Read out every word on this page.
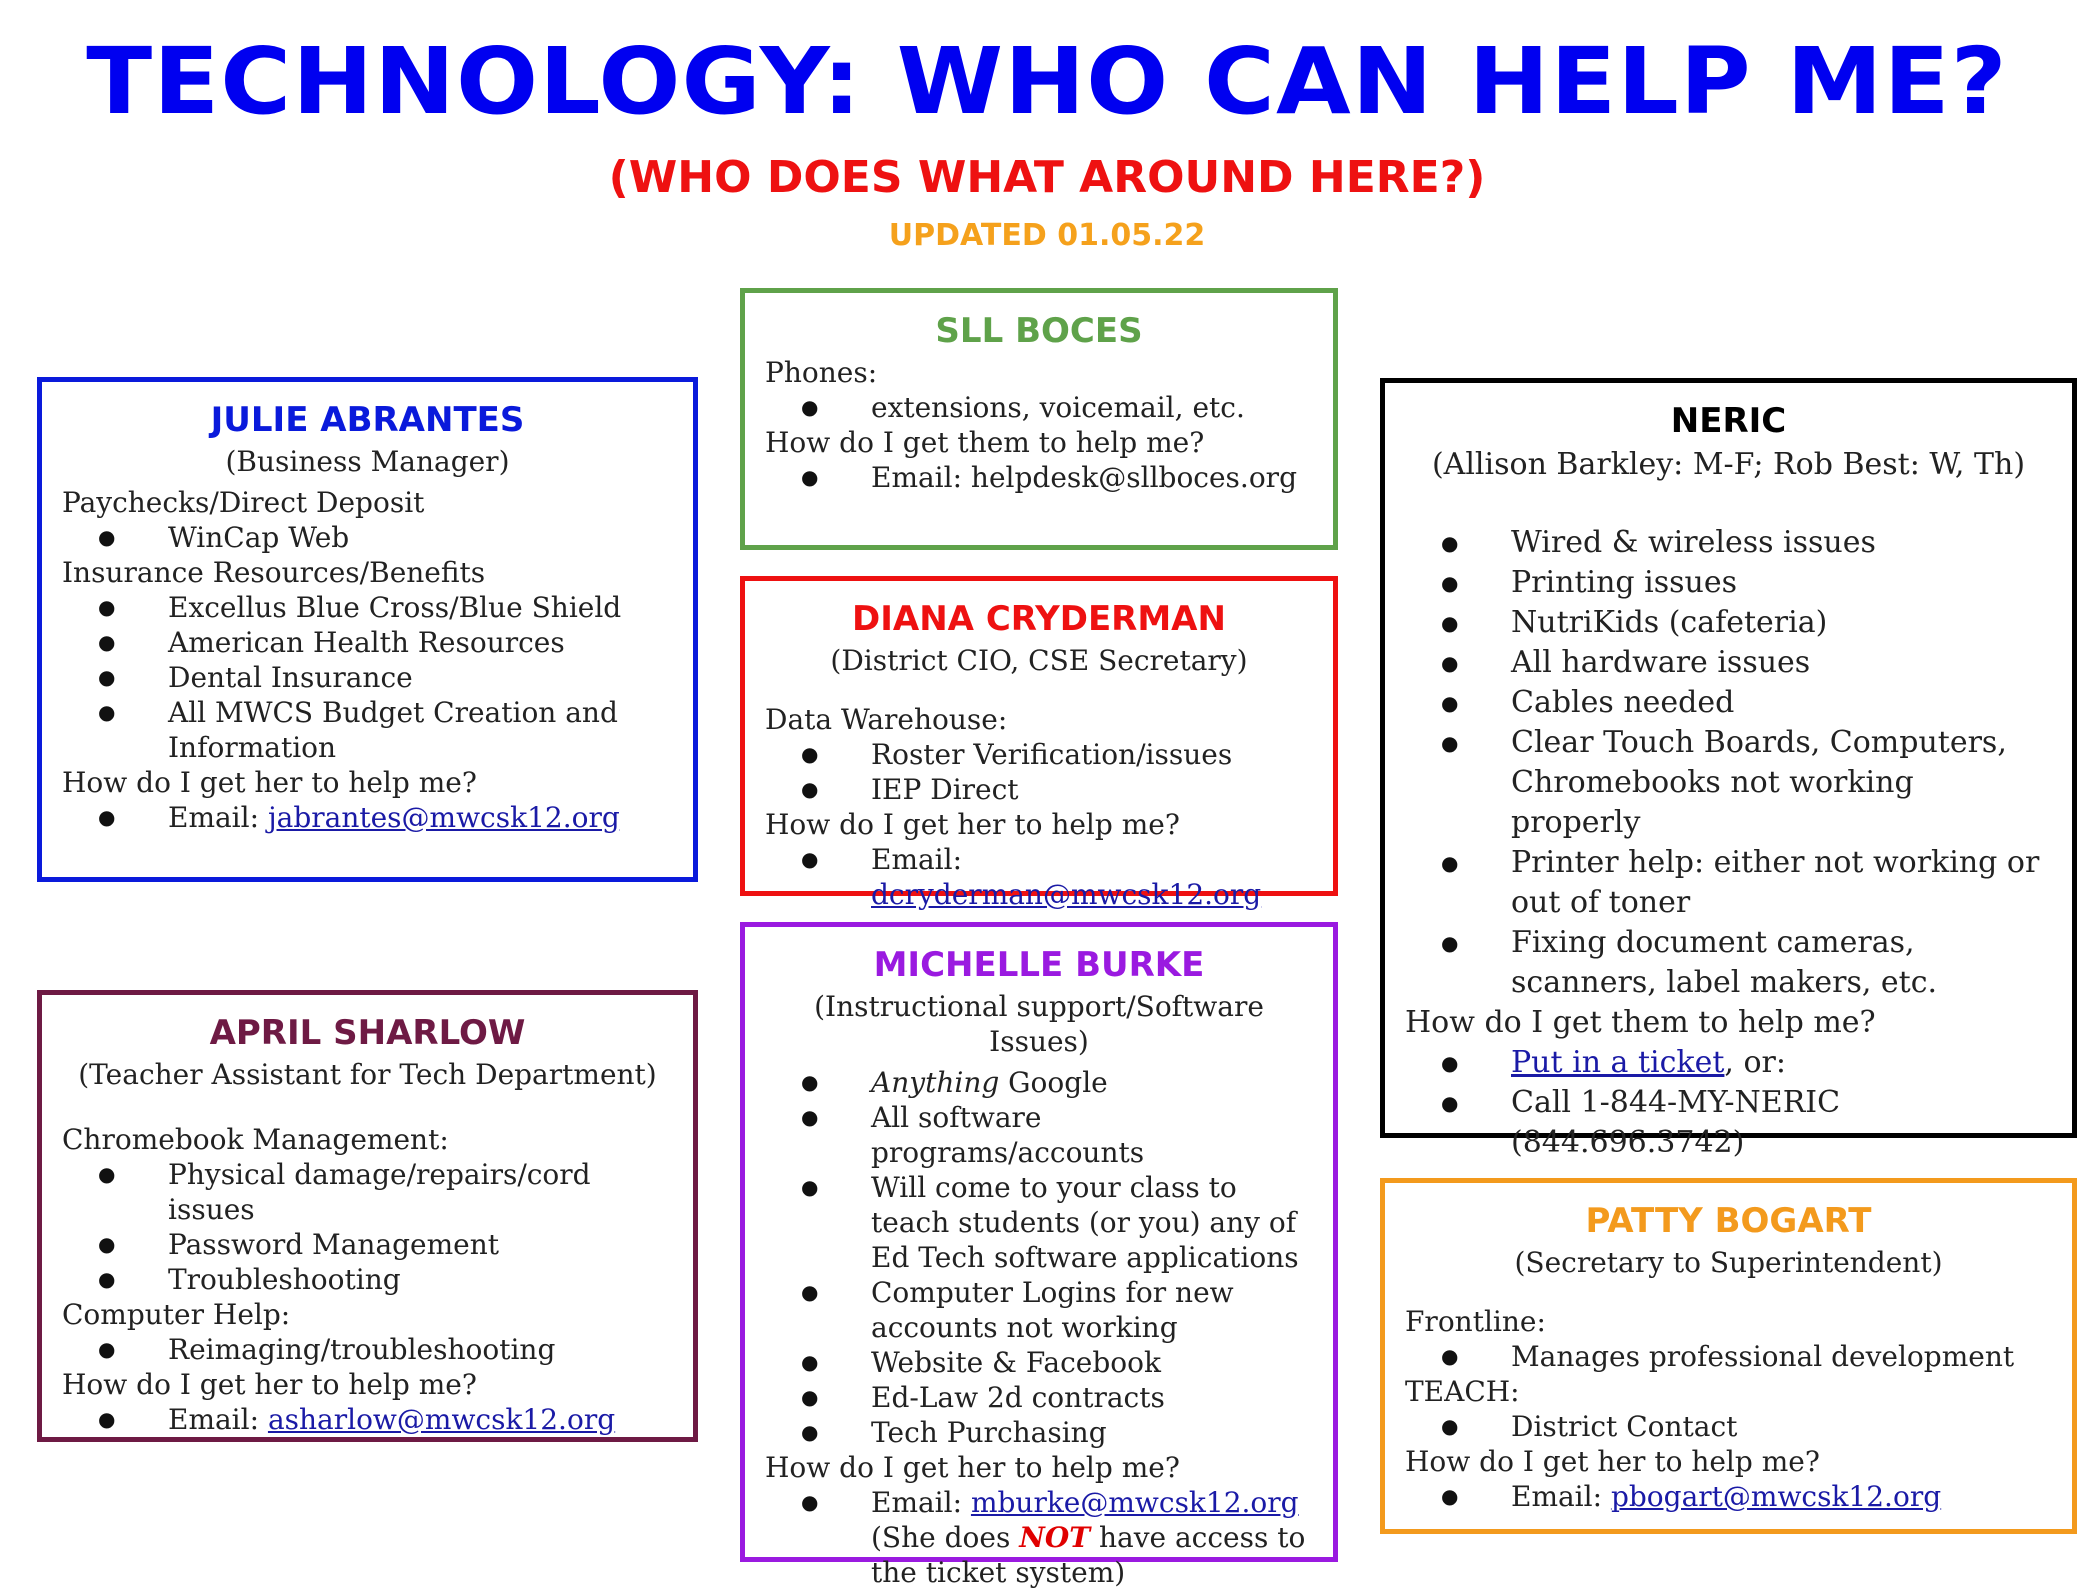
TECHNOLOGY: WHO CAN HELP ME?
(WHO DOES WHAT AROUND HERE?)
UPDATED 01.05.22
JULIE ABRANTES

(Business Manager)

Paychecks/Direct Deposit

● WinCap Web

Insurance Resources/Benefits

● Excellus Blue Cross/Blue Shield
● American Health Resources
● Dental Insurance
● All MWCS Budget Creation and Information

How do I get her to help me?

● Email: jabrantes@mwcsk12.org
APRIL SHARLOW

(Teacher Assistant for Tech Department)

Chromebook Management:

● Physical damage/repairs/cord issues
● Password Management
● Troubleshooting

Computer Help:

● Reimaging/troubleshooting

How do I get her to help me?

● Email: asharlow@mwcsk12.org
SLL BOCES

Phones:

● extensions, voicemail, etc.

How do I get them to help me?

● Email: helpdesk@sllboces.org
DIANA CRYDERMAN

(District CIO, CSE Secretary)

Data Warehouse:

● Roster Verification/issues
● IEP Direct

How do I get her to help me?

● Email: dcryderman@mwcsk12.org
MICHELLE BURKE

(Instructional support/Software Issues)

● Anything Google
● All software programs/accounts
● Will come to your class to teach students (or you) any of Ed Tech software applications
● Computer Logins for new accounts not working
● Website & Facebook
● Ed-Law 2d contracts
● Tech Purchasing

How do I get her to help me?

● Email: mburke@mwcsk12.org (She does NOT have access to the ticket system)
NERIC

(Allison Barkley: M-F; Rob Best: W, Th)

● Wired & wireless issues
● Printing issues
● NutriKids (cafeteria)
● All hardware issues
● Cables needed
● Clear Touch Boards, Computers, Chromebooks not working properly
● Printer help: either not working or out of toner
● Fixing document cameras, scanners, label makers, etc.

How do I get them to help me?

● Put in a ticket, or:
● Call 1-844-MY-NERIC (844.696.3742)
PATTY BOGART

(Secretary to Superintendent)

Frontline:

● Manages professional development

TEACH:

● District Contact

How do I get her to help me?

● Email: pbogart@mwcsk12.org
